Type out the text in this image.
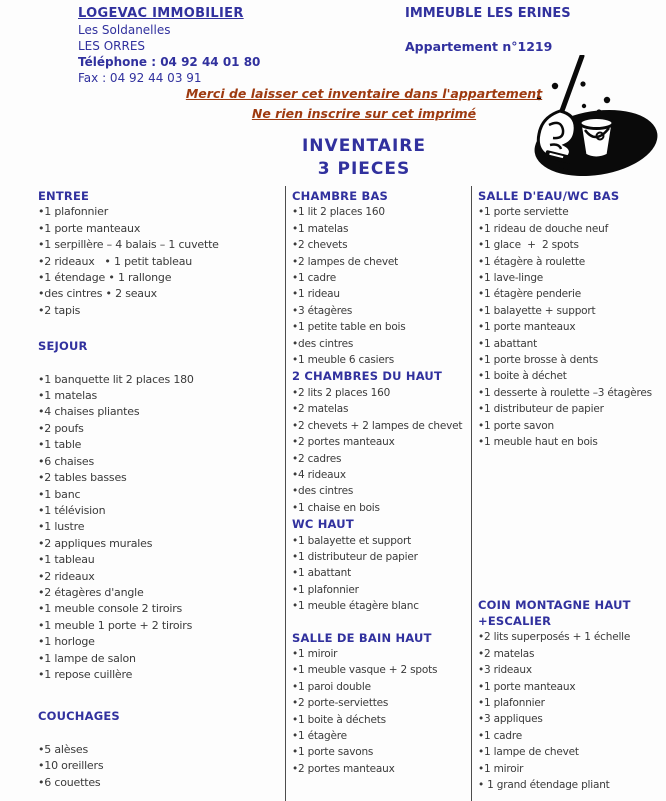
LOGEVAC IMMOBILIER
Les Soldanelles
LES ORRES
Téléphone : 04 92 44 01 80
Fax : 04 92 44 03 91
IMMEUBLE LES ERINES
Appartement n°1219
Merci de laisser cet inventaire dans l'appartement
Ne rien inscrire sur cet imprimé
INVENTAIRE
3 PIECES
ENTREE
•1 plafonnier
•1 porte manteaux
•1 serpillère – 4 balais – 1 cuvette
•2 rideaux   • 1 petit tableau
•1 étendage • 1 rallonge
•des cintres • 2 seaux
•2 tapis
SEJOUR
•1 banquette lit 2 places 180
•1 matelas
•4 chaises pliantes
•2 poufs
•1 table
•6 chaises
•2 tables basses
•1 banc
•1 télévision
•1 lustre
•2 appliques murales
•1 tableau
•2 rideaux
•2 étagères d'angle
•1 meuble console 2 tiroirs
•1 meuble 1 porte + 2 tiroirs
•1 horloge
•1 lampe de salon
•1 repose cuillère
COUCHAGES
•5 alèses
•10 oreillers
•6 couettes
CHAMBRE BAS
•1 lit 2 places 160
•1 matelas
•2 chevets
•2 lampes de chevet
•1 cadre
•1 rideau
•3 étagères
•1 petite table en bois
•des cintres
•1 meuble 6 casiers
2 CHAMBRES DU HAUT
•2 lits 2 places 160
•2 matelas
•2 chevets + 2 lampes de chevet
•2 portes manteaux
•2 cadres
•4 rideaux
•des cintres
•1 chaise en bois
WC HAUT
•1 balayette et support
•1 distributeur de papier
•1 abattant
•1 plafonnier
•1 meuble étagère blanc
SALLE DE BAIN HAUT
•1 miroir
•1 meuble vasque + 2 spots
•1 paroi double
•2 porte-serviettes
•1 boite à déchets
•1 étagère
•1 porte savons
•2 portes manteaux
SALLE D'EAU/WC BAS
•1 porte serviette
•1 rideau de douche neuf
•1 glace  +  2 spots
•1 étagère à roulette
•1 lave-linge
•1 étagère penderie
•1 balayette + support
•1 porte manteaux
•1 abattant
•1 porte brosse à dents
•1 boite à déchet
•1 desserte à roulette –3 étagères
•1 distributeur de papier
•1 porte savon
•1 meuble haut en bois
COIN MONTAGNE HAUT
+ESCALIER
•2 lits superposés + 1 échelle
•2 matelas
•3 rideaux
•1 porte manteaux
•1 plafonnier
•3 appliques
•1 cadre
•1 lampe de chevet
•1 miroir
• 1 grand étendage pliant
